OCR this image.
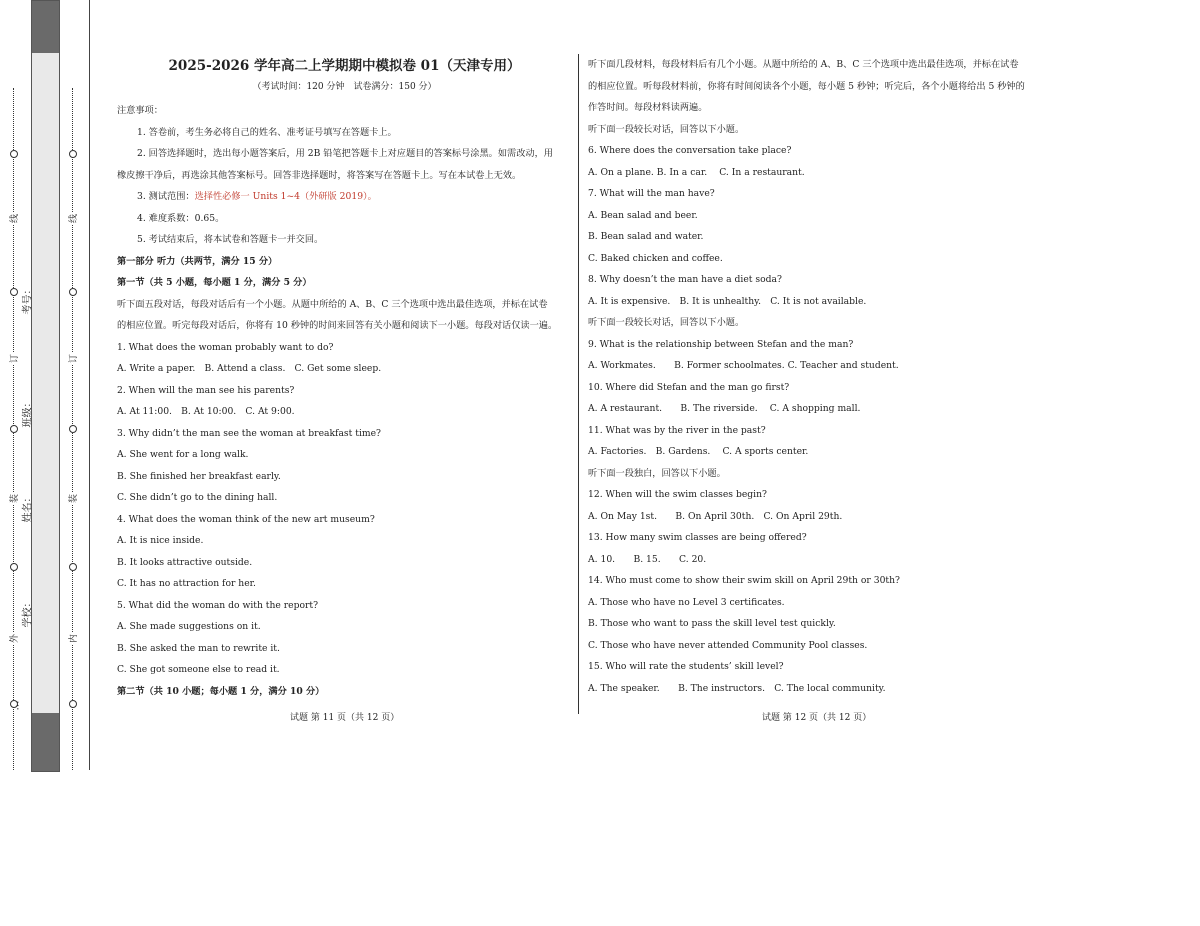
线
订
装
外
线
订
装
内
考号：
班级：
姓名：
学校：
…
2025-2026 学年高二上学期期中模拟卷 01（天津专用）
（考试时间：120 分钟　试卷满分：150 分）
注意事项：
1. 答卷前，考生务必将自己的姓名、准考证号填写在答题卡上。
2. 回答选择题时，选出每小题答案后，用 2B 铅笔把答题卡上对应题目的答案标号涂黑。如需改动，用
橡皮擦干净后，再选涂其他答案标号。回答非选择题时，将答案写在答题卡上。写在本试卷上无效。
3. 测试范围：选择性必修一 Units 1~4（外研版 2019）。
4. 难度系数：0.65。
5. 考试结束后，将本试卷和答题卡一并交回。
第一部分 听力（共两节，满分 15 分）
第一节（共 5 小题，每小题 1 分，满分 5 分）
听下面五段对话，每段对话后有一个小题。从题中所给的 A、B、C 三个选项中选出最佳选项，并标在试卷
的相应位置。听完每段对话后，你将有 10 秒钟的时间来回答有关小题和阅读下一小题。每段对话仅读一遍。
1. What does the woman probably want to do?
A. Write a paper.　B. Attend a class.　C. Get some sleep.
2. When will the man see his parents?
A. At 11:00.　B. At 10:00.　C. At 9:00.
3. Why didn’t the man see the woman at breakfast time?
A. She went for a long walk.
B. She finished her breakfast early.
C. She didn’t go to the dining hall.
4. What does the woman think of the new art museum?
A. It is nice inside.
B. It looks attractive outside.
C. It has no attraction for her.
5. What did the woman do with the report?
A. She made suggestions on it.
B. She asked the man to rewrite it.
C. She got someone else to read it.
第二节（共 10 小题；每小题 1 分，满分 10 分）
听下面几段材料，每段材料后有几个小题。从题中所给的 A、B、C 三个选项中选出最佳选项，并标在试卷
的相应位置。听每段材料前，你将有时间阅读各个小题，每小题 5 秒钟；听完后，各个小题将给出 5 秒钟的
作答时间。每段材料读两遍。
听下面一段较长对话，回答以下小题。
6. Where does the conversation take place?
A. On a plane. B. In a car.　 C. In a restaurant.
7. What will the man have?
A. Bean salad and beer.
B. Bean salad and water.
C. Baked chicken and coffee.
8. Why doesn’t the man have a diet soda?
A. It is expensive.　B. It is unhealthy.　C. It is not available.
听下面一段较长对话，回答以下小题。
9. What is the relationship between Stefan and the man?
A. Workmates.　　B. Former schoolmates. C. Teacher and student.
10. Where did Stefan and the man go first?
A. A restaurant.　　B. The riverside.　 C. A shopping mall.
11. What was by the river in the past?
A. Factories.　B. Gardens.　 C. A sports center.
听下面一段独白，回答以下小题。
12. When will the swim classes begin?
A. On May 1st.　　B. On April 30th.　C. On April 29th.
13. How many swim classes are being offered?
A. 10.　　B. 15.　　C. 20.
14. Who must come to show their swim skill on April 29th or 30th?
A. Those who have no Level 3 certificates.
B. Those who want to pass the skill level test quickly.
C. Those who have never attended Community Pool classes.
15. Who will rate the students’ skill level?
A. The speaker.　　B. The instructors.　C. The local community.
试题 第 11 页（共 12 页）	试题 第 12 页（共 12 页）
